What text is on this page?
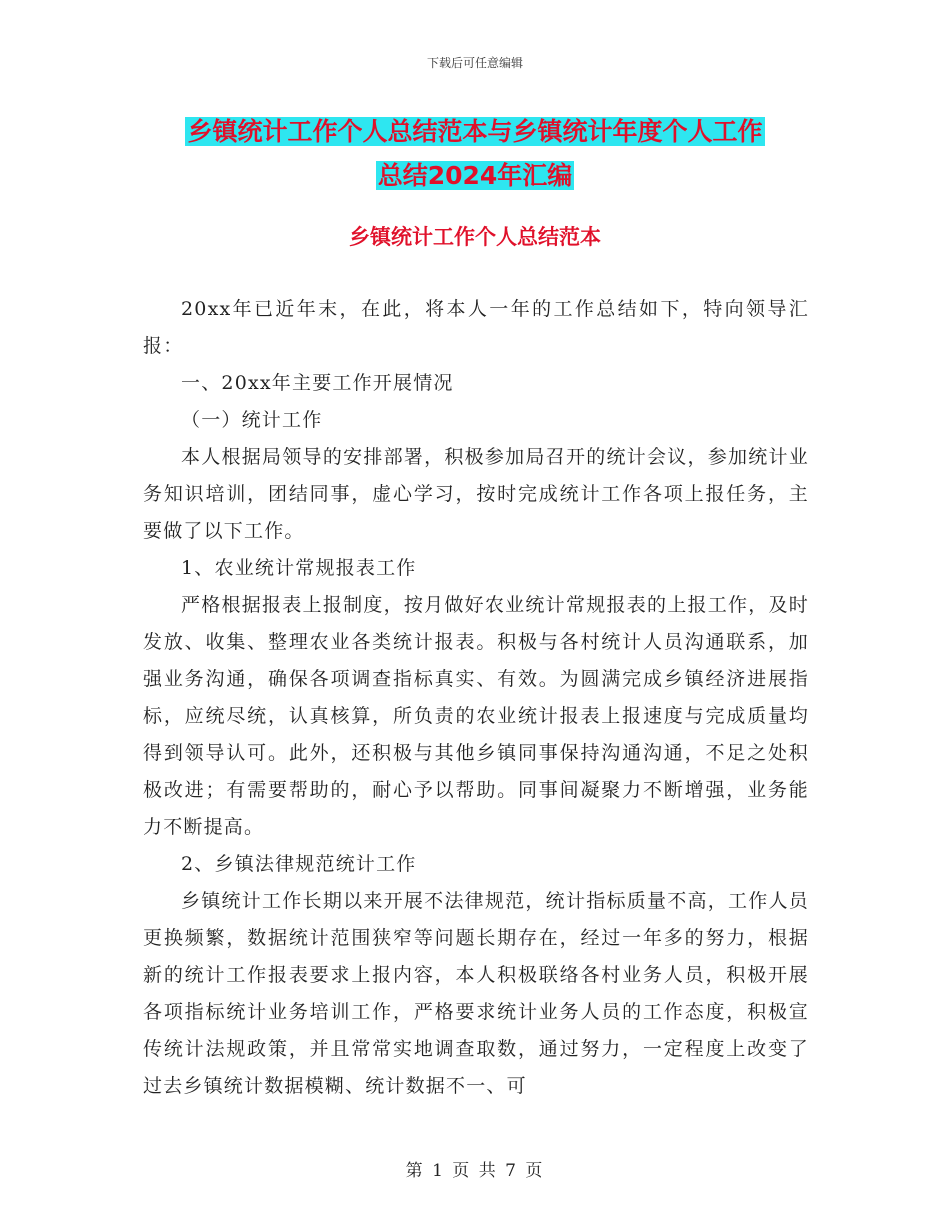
下载后可任意编辑
乡镇统计工作个人总结范本与乡镇统计年度个人工作
总结2024年汇编
乡镇统计工作个人总结范本

20xx年已近年末，在此，将本人一年的工作总结如下，特向领导汇报：

一、20xx年主要工作开展情况

（一）统计工作

本人根据局领导的安排部署，积极参加局召开的统计会议，参加统计业务知识培训，团结同事，虚心学习，按时完成统计工作各项上报任务，主要做了以下工作。

1、农业统计常规报表工作

严格根据报表上报制度，按月做好农业统计常规报表的上报工作，及时发放、收集、整理农业各类统计报表。积极与各村统计人员沟通联系，加强业务沟通，确保各项调查指标真实、有效。为圆满完成乡镇经济进展指标，应统尽统，认真核算，所负责的农业统计报表上报速度与完成质量均得到领导认可。此外，还积极与其他乡镇同事保持沟通沟通，不足之处积极改进；有需要帮助的，耐心予以帮助。同事间凝聚力不断增强，业务能力不断提高。

2、乡镇法律规范统计工作

乡镇统计工作长期以来开展不法律规范，统计指标质量不高，工作人员更换频繁，数据统计范围狭窄等问题长期存在，经过一年多的努力，根据新的统计工作报表要求上报内容，本人积极联络各村业务人员，积极开展各项指标统计业务培训工作，严格要求统计业务人员的工作态度，积极宣传统计法规政策，并且常常实地调查取数，通过努力，一定程度上改变了过去乡镇统计数据模糊、统计数据不一、可

第 1 页 共 7 页
